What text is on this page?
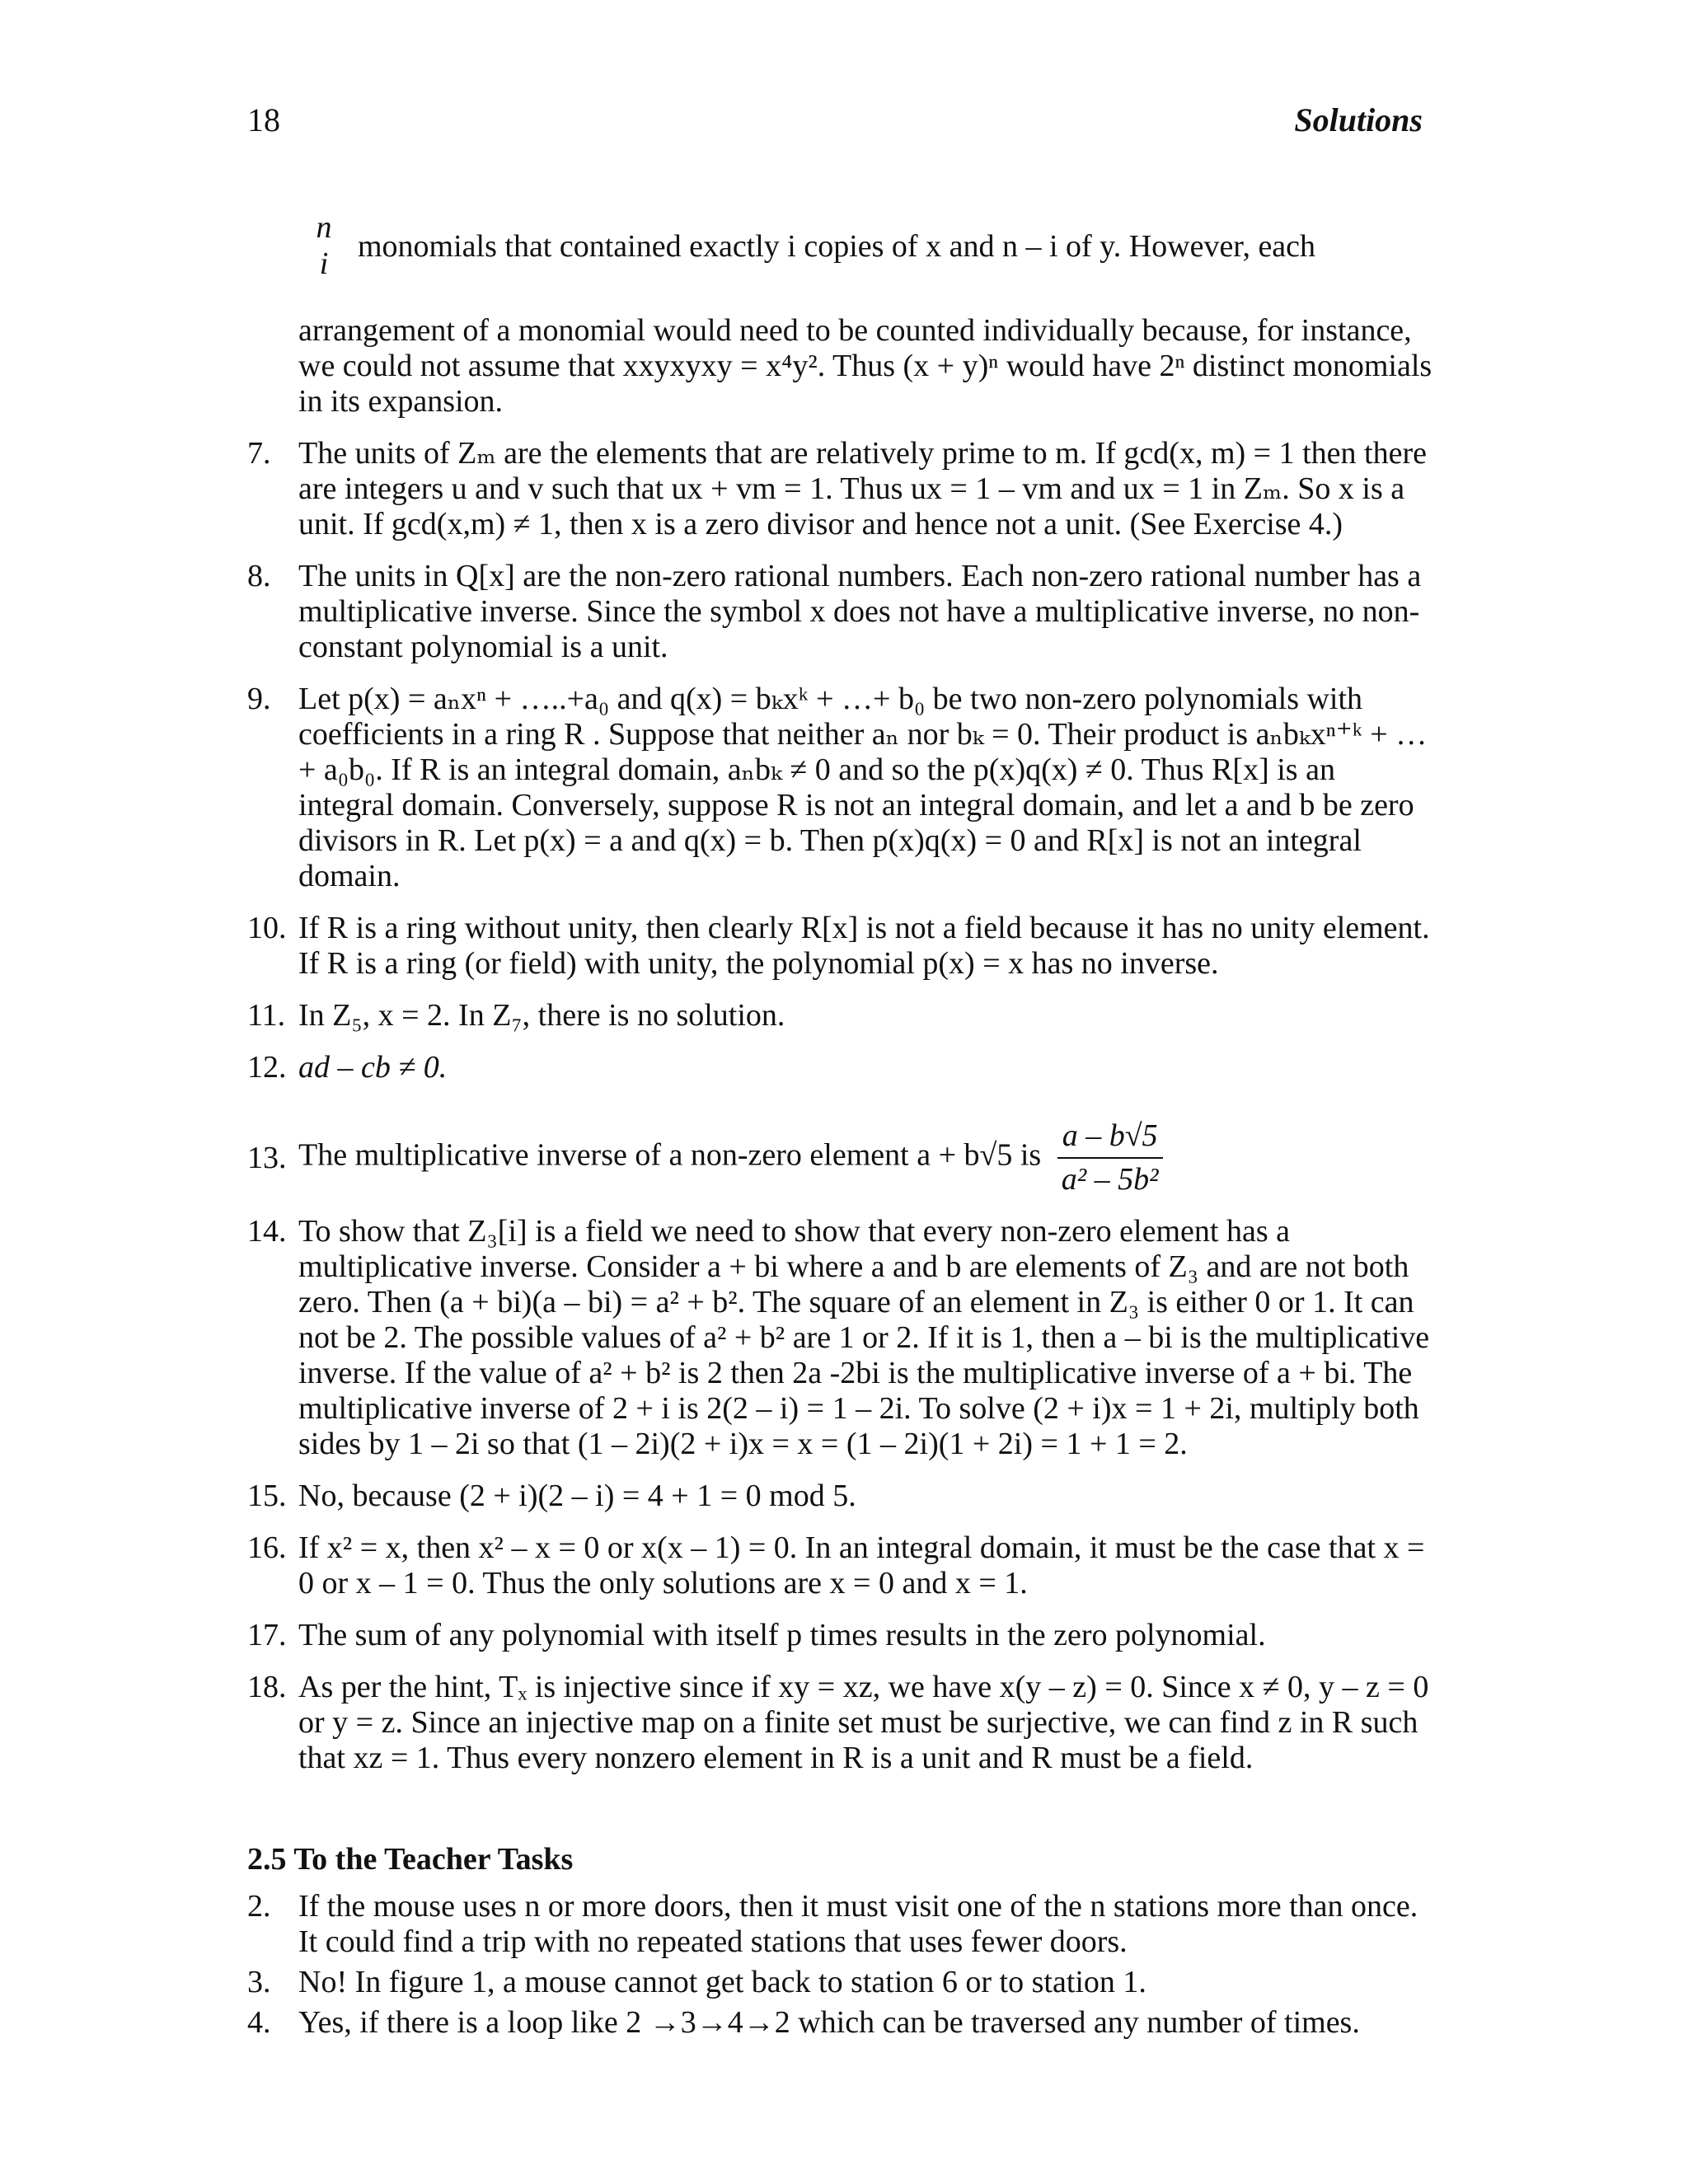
18	Solutions
n
i monomials that contained exactly i copies of x and n – i of y. However, each
arrangement of a monomial would need to be counted individually because, for instance, we could not assume that xxyxyxy = x⁴y². Thus (x + y)ⁿ would have 2ⁿ distinct monomials in its expansion.
7. The units of Zₘ are the elements that are relatively prime to m. If gcd(x, m) = 1 then there are integers u and v such that ux + vm = 1. Thus ux = 1 – vm and ux = 1 in Zₘ. So x is a unit. If gcd(x,m) ≠ 1, then x is a zero divisor and hence not a unit. (See Exercise 4.)
8. The units in Q[x] are the non-zero rational numbers. Each non-zero rational number has a multiplicative inverse. Since the symbol x does not have a multiplicative inverse, no non-constant polynomial is a unit.
9. Let p(x) = aₙxⁿ + …..+a₀ and q(x) = bₖxᵏ + …+ b₀ be two non-zero polynomials with coefficients in a ring R . Suppose that neither aₙ nor bₖ = 0. Their product is aₙbₖxⁿ⁺ᵏ + … + a₀b₀. If R is an integral domain, aₙbₖ ≠ 0 and so the p(x)q(x) ≠ 0. Thus R[x] is an integral domain. Conversely, suppose R is not an integral domain, and let a and b be zero divisors in R. Let p(x) = a and q(x) = b. Then p(x)q(x) = 0 and R[x] is not an integral domain.
10. If R is a ring without unity, then clearly R[x] is not a field because it has no unity element. If R is a ring (or field) with unity, the polynomial p(x) = x has no inverse.
11. In Z₅, x = 2. In Z₇, there is no solution.
12. ad – cb ≠ 0.
13. The multiplicative inverse of a non-zero element a + b√5 is $\frac{a - b√5}{\text{a² – 5b²}}$
14. To show that Z₃[i] is a field we need to show that every non-zero element has a multiplicative inverse. Consider a + bi where a and b are elements of Z₃ and are not both zero. Then (a + bi)(a – bi) = a² + b². The square of an element in Z₃ is either 0 or 1. It can not be 2. The possible values of a² + b² are 1 or 2. If it is 1, then a – bi is the multiplicative inverse. If the value of a² + b² is 2 then 2a -2bi is the multiplicative inverse of a + bi. The multiplicative inverse of 2 + i is 2(2 – i) = 1 – 2i. To solve (2 + i)x = 1 + 2i, multiply both sides by 1 – 2i so that (1 – 2i)(2 + i)x = x = (1 – 2i)(1 + 2i) = 1 + 1 = 2.
15. No, because (2 + i)(2 – i) = 4 + 1 = 0 mod 5.
16. If x² = x, then x² – x = 0 or x(x – 1) = 0. In an integral domain, it must be the case that x = 0 or x – 1 = 0. Thus the only solutions are x = 0 and x = 1.
17. The sum of any polynomial with itself p times results in the zero polynomial.
18. As per the hint, Tₓ is injective since if xy = xz, we have x(y – z) = 0. Since x ≠ 0, y – z = 0 or y = z. Since an injective map on a finite set must be surjective, we can find z in R such that xz = 1. Thus every nonzero element in R is a unit and R must be a field.
2.5 To the Teacher Tasks
2. If the mouse uses n or more doors, then it must visit one of the n stations more than once. It could find a trip with no repeated stations that uses fewer doors.
3. No! In figure 1, a mouse cannot get back to station 6 or to station 1.
4. Yes, if there is a loop like 2 →3→4→2 which can be traversed any number of times.
